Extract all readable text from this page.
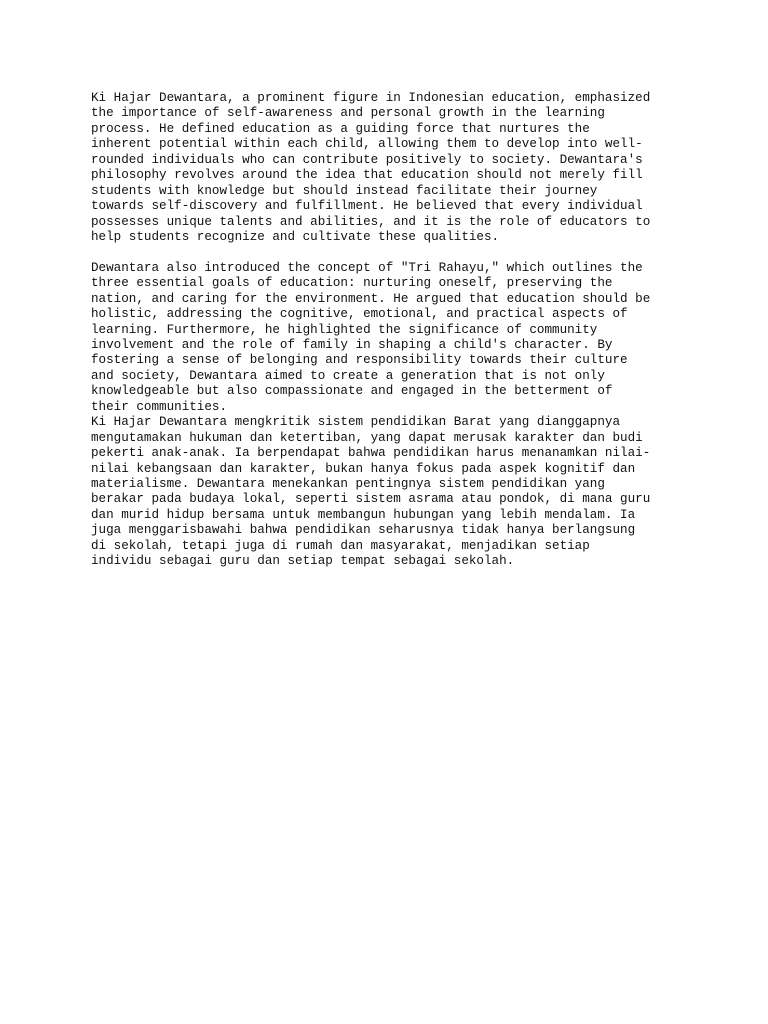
Ki Hajar Dewantara, a prominent figure in Indonesian education, emphasized
the importance of self-awareness and personal growth in the learning
process. He defined education as a guiding force that nurtures the
inherent potential within each child, allowing them to develop into well-
rounded individuals who can contribute positively to society. Dewantara's
philosophy revolves around the idea that education should not merely fill
students with knowledge but should instead facilitate their journey
towards self-discovery and fulfillment. He believed that every individual
possesses unique talents and abilities, and it is the role of educators to
help students recognize and cultivate these qualities.
Dewantara also introduced the concept of "Tri Rahayu," which outlines the
three essential goals of education: nurturing oneself, preserving the
nation, and caring for the environment. He argued that education should be
holistic, addressing the cognitive, emotional, and practical aspects of
learning. Furthermore, he highlighted the significance of community
involvement and the role of family in shaping a child's character. By
fostering a sense of belonging and responsibility towards their culture
and society, Dewantara aimed to create a generation that is not only
knowledgeable but also compassionate and engaged in the betterment of
their communities.
Ki Hajar Dewantara mengkritik sistem pendidikan Barat yang dianggapnya
mengutamakan hukuman dan ketertiban, yang dapat merusak karakter dan budi
pekerti anak-anak. Ia berpendapat bahwa pendidikan harus menanamkan nilai-
nilai kebangsaan dan karakter, bukan hanya fokus pada aspek kognitif dan
materialisme. Dewantara menekankan pentingnya sistem pendidikan yang
berakar pada budaya lokal, seperti sistem asrama atau pondok, di mana guru
dan murid hidup bersama untuk membangun hubungan yang lebih mendalam. Ia
juga menggarisbawahi bahwa pendidikan seharusnya tidak hanya berlangsung
di sekolah, tetapi juga di rumah dan masyarakat, menjadikan setiap
individu sebagai guru dan setiap tempat sebagai sekolah.
